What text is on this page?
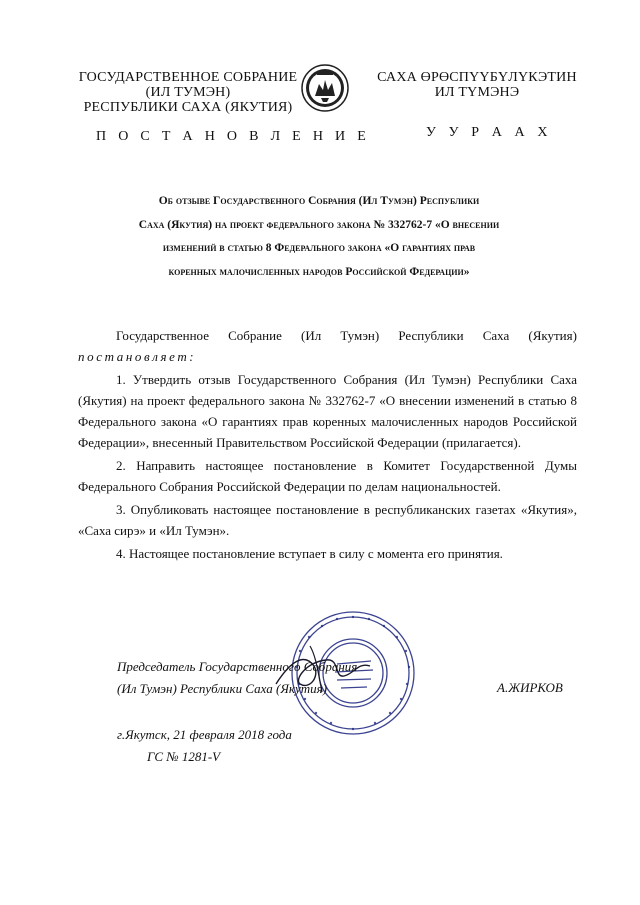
ГОСУДАРСТВЕННОЕ СОБРАНИЕ
(ИЛ ТУМЭН)
РЕСПУБЛИКИ САХА (ЯКУТИЯ)
САХА ӨРӨСПҮҮБҮЛҮКЭТИН
ИЛ ТҮМЭНЭ
П О С Т А Н О В Л Е Н И Е	У У Р А А Х
Об отзыве Государственного Собрания (Ил Тумэн) Республики
Саха (Якутия) на проект федерального закона № 332762-7 «О внесении
изменений в статью 8 Федерального закона «О гарантиях прав
коренных малочисленных народов Российской Федерации»
Государственное Собрание (Ил Тумэн) Республики Саха (Якутия)
постановляет:

1. Утвердить отзыв Государственного Собрания (Ил Тумэн) Республики Саха (Якутия) на проект федерального закона № 332762-7 «О внесении изменений в статью 8 Федерального закона «О гарантиях прав коренных малочисленных народов Российской Федерации», внесенный Правительством Российской Федерации (прилагается).

2. Направить настоящее постановление в Комитет Государственной Думы Федерального Собрания Российской Федерации по делам национальностей.

3. Опубликовать настоящее постановление в республиканских газетах «Якутия», «Саха сирэ» и «Ил Тумэн».

4. Настоящее постановление вступает в силу с момента его принятия.

Председатель Государственного Собрания
(Ил Тумэн) Республики Саха (Якутия)	А.ЖИРКОВ
г.Якутск, 21 февраля 2018 года
ГС № 1281-V
